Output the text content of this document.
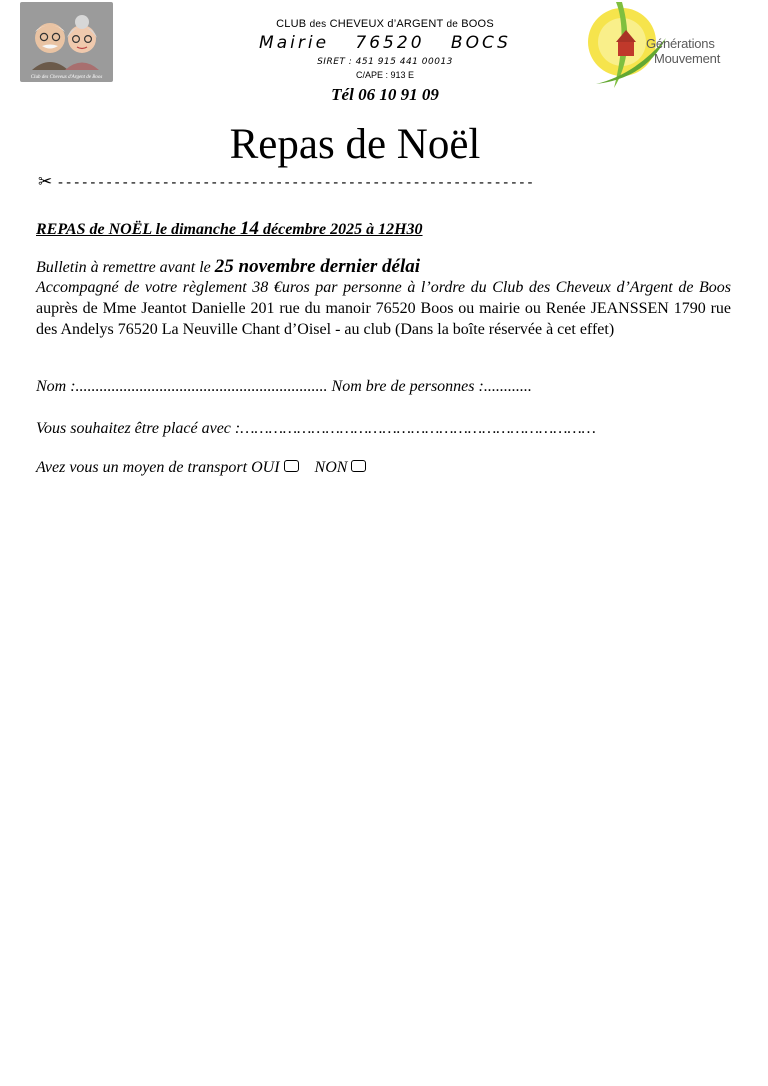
Club des Cheveux d'Argent de Boos
Générations
Mouvement
CLUB des CHEVEUX d’ARGENT de BOOS
Mairie 76520 BOCS
SIRET : 451 915 441 00013
C/APE : 913 E
Tél 06 10 91 09
Repas de Noël
✂ -----------------------------------------------------------
REPAS de NOËL le dimanche 14 décembre 2025 à 12H30
Bulletin à remettre avant le 25 novembre dernier délai
Accompagné de votre règlement 38 €uros par personne à l’ordre du Club des Cheveux d’Argent de Boos auprès de Mme Jeantot Danielle 201 rue du manoir 76520 Boos ou mairie ou Renée JEANSSEN 1790 rue des Andelys 76520 La Neuville Chant d’Oisel - au club (Dans la boîte réservée à cet effet)
Nom :............................................................... Nom bre de personnes :............
Vous souhaitez être placé avec :…………………………………………………………………
Avez vous un moyen de transport OUI NON
